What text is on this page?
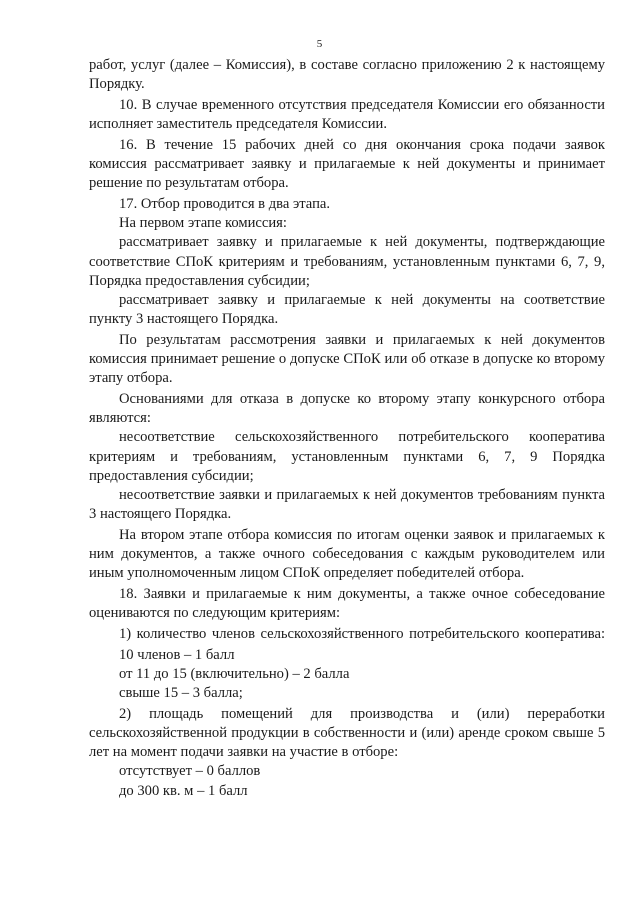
5

работ, услуг (далее – Комиссия), в составе согласно приложению 2 к настоящему Порядку.

10. В случае временного отсутствия председателя Комиссии его обязанности исполняет заместитель председателя Комиссии.

16. В течение 15 рабочих дней со дня окончания срока подачи заявок комиссия рассматривает заявку и прилагаемые к ней документы и принимает решение по результатам отбора.

17. Отбор проводится в два этапа.

На первом этапе комиссия:

рассматривает заявку и прилагаемые к ней документы, подтверждающие соответствие СПоК критериям и требованиям, установленным пунктами 6, 7, 9, Порядка предоставления субсидии;

рассматривает заявку и прилагаемые к ней документы на соответствие пункту 3 настоящего Порядка.

По результатам рассмотрения заявки и прилагаемых к ней документов комиссия принимает решение о допуске СПоК или об отказе в допуске ко второму этапу отбора.

Основаниями для отказа в допуске ко второму этапу конкурсного отбора являются:

несоответствие сельскохозяйственного потребительского кооператива критериям и требованиям, установленным пунктами 6, 7, 9 Порядка предоставления субсидии;

несоответствие заявки и прилагаемых к ней документов требованиям пункта 3 настоящего Порядка.

На втором этапе отбора комиссия по итогам оценки заявок и прилагаемых к ним документов, а также очного собеседования с каждым руководителем или иным уполномоченным лицом СПоК определяет победителей отбора.

18. Заявки и прилагаемые к ним документы, а также очное собеседование оцениваются по следующим критериям:

1) количество членов сельскохозяйственного потребительского кооператива:

10 членов – 1 балл

от 11 до 15 (включительно) – 2 балла

свыше 15 – 3 балла;

2) площадь помещений для производства и (или) переработки сельскохозяйственной продукции в собственности и (или) аренде сроком свыше 5 лет на момент подачи заявки на участие в отборе:

отсутствует – 0 баллов

до 300 кв. м – 1 балл
